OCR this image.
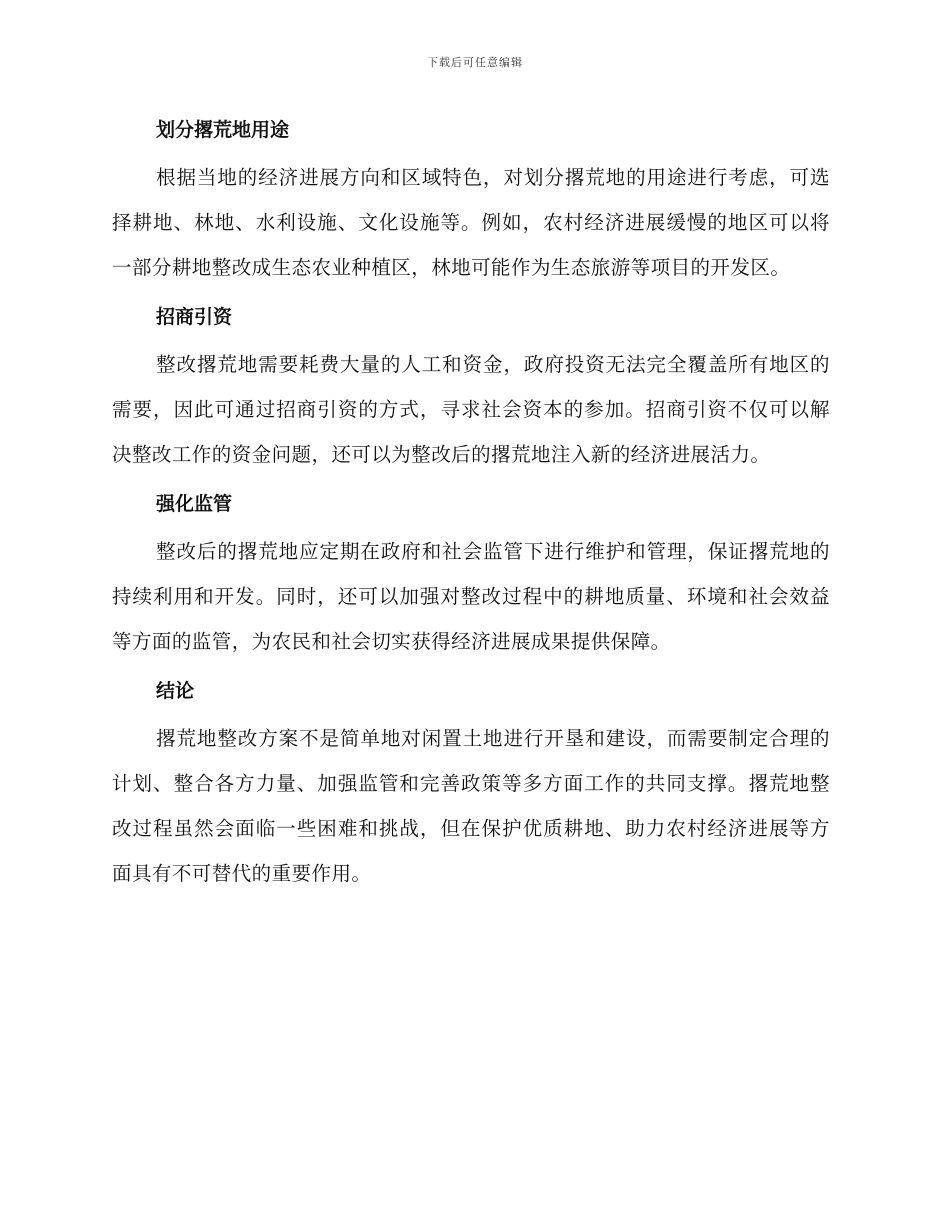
下载后可任意编辑
划分撂荒地用途

根据当地的经济进展方向和区域特色，对划分撂荒地的用途进行考虑，可选择耕地、林地、水利设施、文化设施等。例如，农村经济进展缓慢的地区可以将一部分耕地整改成生态农业种植区，林地可能作为生态旅游等项目的开发区。

招商引资

整改撂荒地需要耗费大量的人工和资金，政府投资无法完全覆盖所有地区的需要，因此可通过招商引资的方式，寻求社会资本的参加。招商引资不仅可以解决整改工作的资金问题，还可以为整改后的撂荒地注入新的经济进展活力。

强化监管

整改后的撂荒地应定期在政府和社会监管下进行维护和管理，保证撂荒地的持续利用和开发。同时，还可以加强对整改过程中的耕地质量、环境和社会效益等方面的监管，为农民和社会切实获得经济进展成果提供保障。

结论

撂荒地整改方案不是简单地对闲置土地进行开垦和建设，而需要制定合理的计划、整合各方力量、加强监管和完善政策等多方面工作的共同支撑。撂荒地整改过程虽然会面临一些困难和挑战，但在保护优质耕地、助力农村经济进展等方面具有不可替代的重要作用。
